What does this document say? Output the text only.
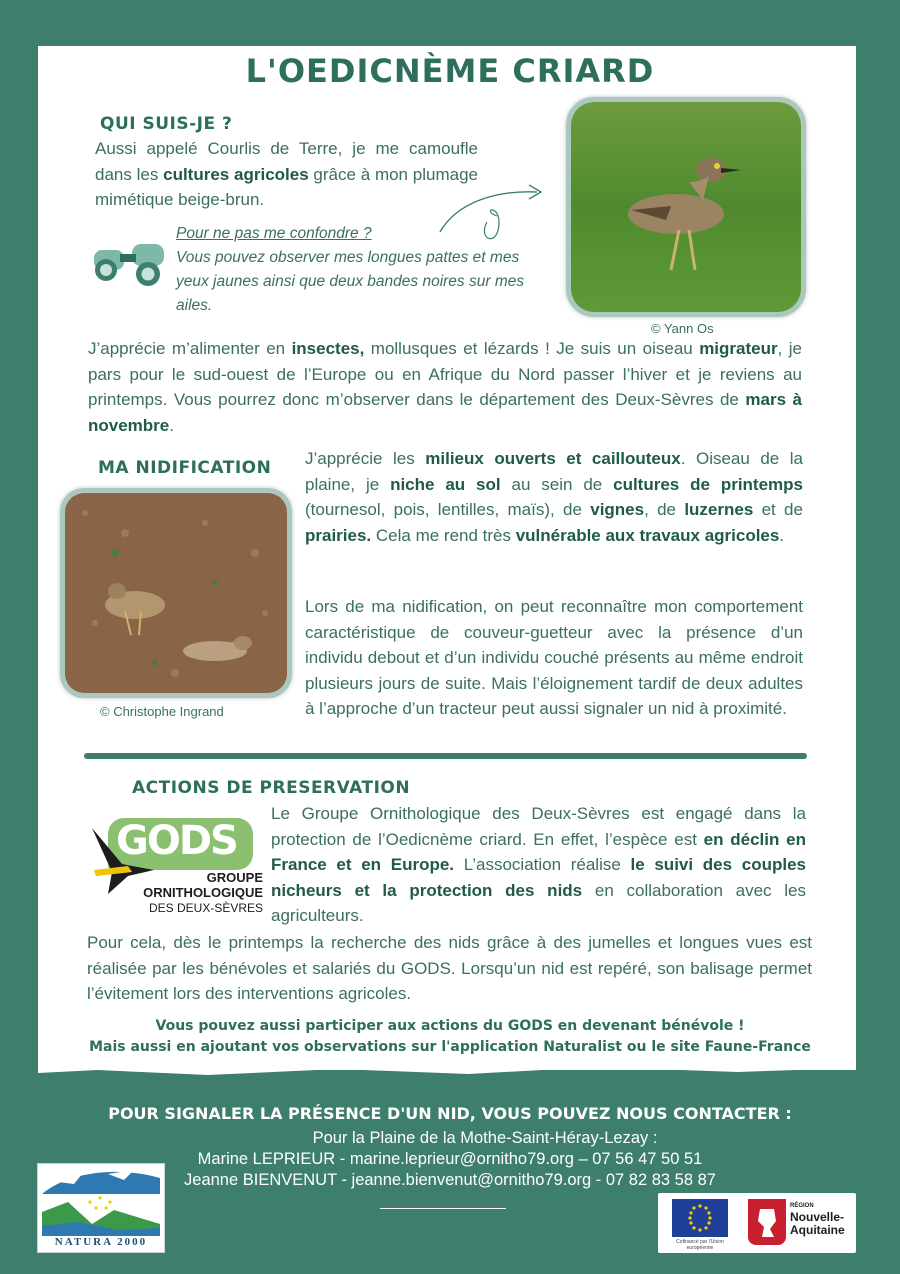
L'OEDICNÈME CRIARD
QUI SUIS-JE ?
Aussi appelé Courlis de Terre, je me camoufle dans les cultures agricoles grâce à mon plumage mimétique beige-brun.
Pour ne pas me confondre ?
Vous pouvez observer mes longues pattes et mes yeux jaunes ainsi que deux bandes noires sur mes ailes.
© Yann Os
J’apprécie m’alimenter en insectes, mollusques et lézards ! Je suis un oiseau migrateur, je pars pour le sud-ouest de l’Europe ou en Afrique du Nord passer l’hiver et je reviens au printemps. Vous pourrez donc m’observer dans le département des Deux-Sèvres de mars à novembre.
MA NIDIFICATION
© Christophe Ingrand
J’apprécie les milieux ouverts et caillouteux. Oiseau de la plaine, je niche au sol au sein de cultures de printemps (tournesol, pois, lentilles, maïs), de vignes, de luzernes et de prairies. Cela me rend très vulnérable aux travaux agricoles.
Lors de ma nidification, on peut reconnaître mon comportement caractéristique de couveur-guetteur avec la présence d’un individu debout et d’un individu couché présents au même endroit plusieurs jours de suite. Mais l’éloignement tardif de deux adultes à l’approche d’un tracteur peut aussi signaler un nid à proximité.
ACTIONS DE PRESERVATION
GODS
GROUPE
ORNITHOLOGIQUE
DES DEUX-SÈVRES
Le Groupe Ornithologique des Deux-Sèvres est engagé dans la protection de l’Oedicnème criard. En effet, l’espèce est en déclin en France et en Europe. L’association réalise le suivi des couples nicheurs et la protection des nids en collaboration avec les agriculteurs.
Pour cela, dès le printemps la recherche des nids grâce à des jumelles et longues vues est réalisée par les bénévoles et salariés du GODS. Lorsqu’un nid est repéré, son balisage permet l’évitement lors des interventions agricoles.
Vous pouvez aussi participer aux actions du GODS en devenant bénévole !
Mais aussi en ajoutant vos observations sur l'application Naturalist ou le site Faune-France
POUR SIGNALER LA PRÉSENCE D'UN NID, VOUS POUVEZ NOUS CONTACTER :
Pour la Plaine de la Mothe-Saint-Héray-Lezay :
Marine LEPRIEUR - marine.leprieur@ornitho79.org – 07 56 47 50 51
Jeanne BIENVENUT - jeanne.bienvenut@ornitho79.org - 07 82 83 58 87
NATURA 2000	Cofinancé par l'Union européenne
RÉGION
Nouvelle-
Aquitaine
